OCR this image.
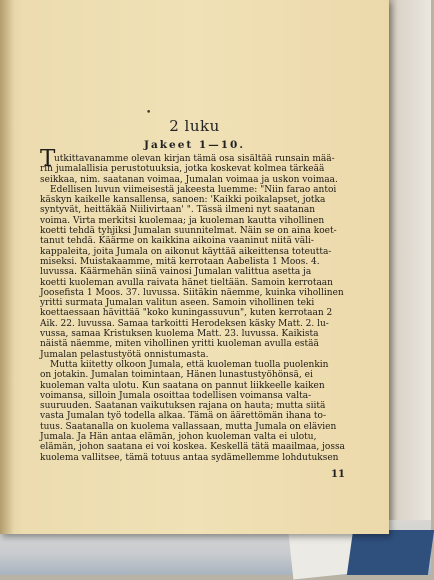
•
2 luku
Jakeet 1—10.
T
utkittavanamme olevan kirjan tämä osa sisältää runsain mää-
rin jumalallisia perustotuuksia, jotka koskevat kolmea tärkeää
seikkaa, nim. saatanan voimaa, Jumalan voimaa ja uskon voimaa.
Edellisen luvun viimeisestä jakeesta luemme: "Niin farao antoi
käskyn kaikelle kansallensa, sanoen: 'Kaikki poikalapset, jotka
syntyvät, heittäkää Niilivirtaan' ". Tässä ilmeni nyt saatanan
voima. Virta merkitsi kuolemaa; ja kuoleman kautta vihollinen
koetti tehdä tyhjiksi Jumalan suunnitelmat. Näin se on aina koet-
tanut tehdä. Käärme on kaikkina aikoina vaaninut niitä väli-
kappaleita, joita Jumala on aikonut käyttää aikeittensa toteutta-
miseksi. Muistakaamme, mitä kerrotaan Aabelista 1 Moos. 4.
luvussa. Käärmehän siinä vainosi Jumalan valittua asetta ja
koetti kuoleman avulla raivata hänet tieltään. Samoin kerrotaan
Joosefista 1 Moos. 37. luvussa. Siitäkin näemme, kuinka vihollinen
yritti surmata Jumalan valitun aseen. Samoin vihollinen teki
koettaessaan hävittää "koko kuningassuvun", kuten kerrotaan 2
Aik. 22. luvussa. Samaa tarkoitti Herodeksen käsky Matt. 2. lu-
vussa, samaa Kristuksen kuolema Matt. 23. luvussa. Kaikista
näistä näemme, miten vihollinen yritti kuoleman avulla estää
Jumalan pelastustyötä onnistumasta.
Mutta kiitetty olkoon Jumala, että kuoleman tuolla puolenkin
on jotakin. Jumalan toimintaan, Hänen lunastustyöhönsä, ei
kuoleman valta ulotu. Kun saatana on pannut liikkeelle kaiken
voimansa, silloin Jumala osoittaa todellisen voimansa valta-
suuruuden. Saatanan vaikutuksen rajana on hauta; mutta siitä
vasta Jumalan työ todella alkaa. Tämä on äärettömän ihana to-
tuus. Saatanalla on kuolema vallassaan, mutta Jumala on elävien
Jumala. Ja Hän antaa elämän, johon kuoleman valta ei ulotu,
elämän, johon saatana ei voi koskea. Keskellä tätä maailmaa, jossa
kuolema vallitsee, tämä totuus antaa sydämellemme lohdutuksen
11
